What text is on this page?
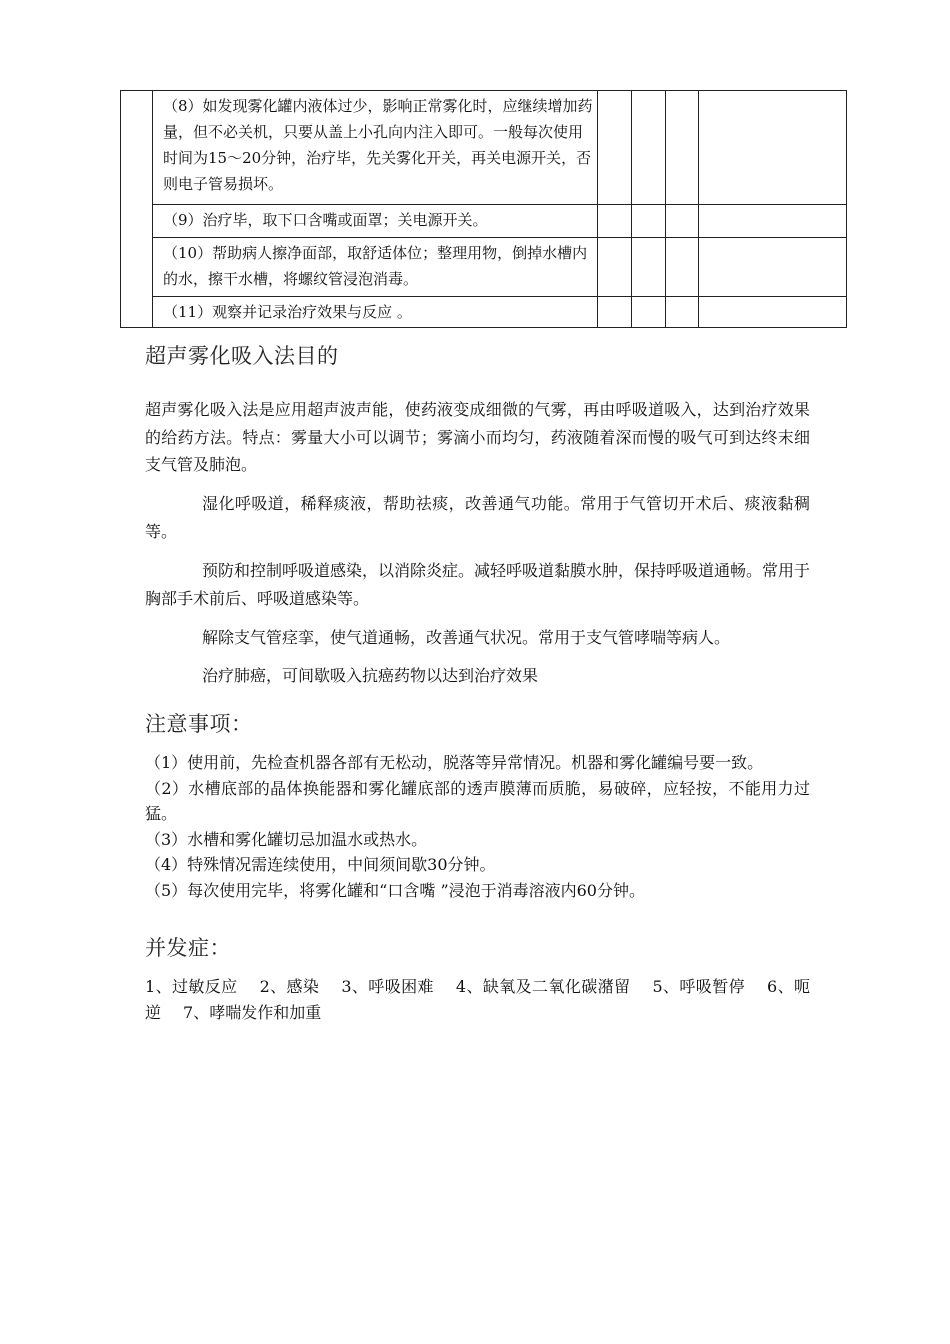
	（8）如发现雾化罐内液体过少，影响正常雾化时，应继续增加药量，但不必关机，只要从盖上小孔向内注入即可。一般每次使用时间为15～20分钟，治疗毕，先关雾化开关，再关电源开关，否则电子管易损坏。				
	（9）治疗毕，取下口含嘴或面罩；关电源开关。				
	（10）帮助病人擦净面部，取舒适体位；整理用物，倒掉水槽内的水，擦干水槽，将螺纹管浸泡消毒。				
	（11）观察并记录治疗效果与反应 。				
超声雾化吸入法目的

超声雾化吸入法是应用超声波声能，使药液变成细微的气雾，再由呼吸道吸入，达到治疗效果的给药方法。特点：雾量大小可以调节；雾滴小而均匀，药液随着深而慢的吸气可到达终末细支气管及肺泡。

湿化呼吸道，稀释痰液，帮助祛痰，改善通气功能。常用于气管切开术后、痰液黏稠等。

预防和控制呼吸道感染，以消除炎症。减轻呼吸道黏膜水肿，保持呼吸道通畅。常用于胸部手术前后、呼吸道感染等。

解除支气管痉挛，使气道通畅，改善通气状况。常用于支气管哮喘等病人。

治疗肺癌，可间歇吸入抗癌药物以达到治疗效果

注意事项：
（1）使用前，先检查机器各部有无松动，脱落等异常情况。机器和雾化罐编号要一致。
（2）水槽底部的晶体换能器和雾化罐底部的透声膜薄而质脆，易破碎，应轻按，不能用力过猛。
（3）水槽和雾化罐切忌加温水或热水。
（4）特殊情况需连续使用，中间须间歇30分钟。
（5）每次使用完毕，将雾化罐和“口含嘴 ”浸泡于消毒溶液内60分钟。
并发症：

1、过敏反应 2、感染 3、呼吸困难 4、缺氧及二氧化碳潴留 5、呼吸暂停 6、呃逆 7、哮喘发作和加重
